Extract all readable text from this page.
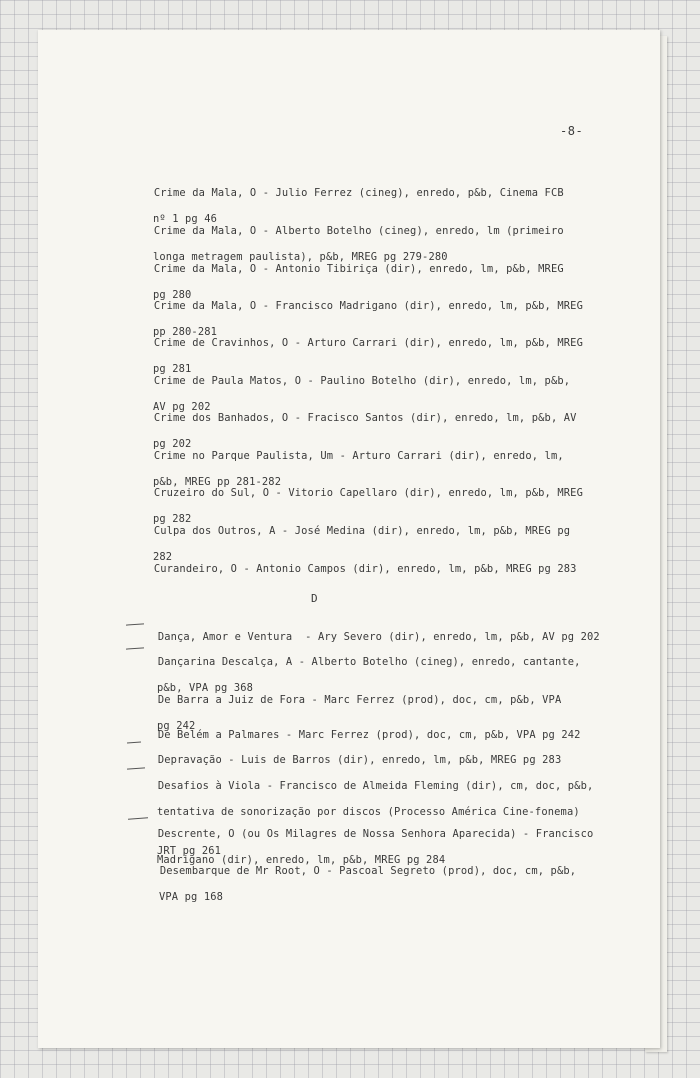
-8-

Crime da Mala, O - Julio Ferrez (cineg), enredo, p&b, Cinema FCB

nº 1 pg 46

Crime da Mala, O - Alberto Botelho (cineg), enredo, lm (primeiro

longa metragem paulista), p&b, MREG pg 279-280

Crime da Mala, O - Antonio Tibiriça (dir), enredo, lm, p&b, MREG

pg 280

Crime da Mala, O - Francisco Madrigano (dir), enredo, lm, p&b, MREG

pp 280-281

Crime de Cravinhos, O - Arturo Carrari (dir), enredo, lm, p&b, MREG

pg 281

Crime de Paula Matos, O - Paulino Botelho (dir), enredo, lm, p&b,

AV pg 202

Crime dos Banhados, O - Fracisco Santos (dir), enredo, lm, p&b, AV

pg 202

Crime no Parque Paulista, Um - Arturo Carrari (dir), enredo, lm,

p&b, MREG pp 281-282

Cruzeiro do Sul, O - Vitorio Capellaro (dir), enredo, lm, p&b, MREG

pg 282

Culpa dos Outros, A - José Medina (dir), enredo, lm, p&b, MREG pg

282

Curandeiro, O - Antonio Campos (dir), enredo, lm, p&b, MREG pg 283

D

Dança, Amor e Ventura  - Ary Severo (dir), enredo, lm, p&b, AV pg 202

Dançarina Descalça, A - Alberto Botelho (cineg), enredo, cantante,

p&b, VPA pg 368

De Barra a Juiz de Fora - Marc Ferrez (prod), doc, cm, p&b, VPA

pg 242

De Belém a Palmares - Marc Ferrez (prod), doc, cm, p&b, VPA pg 242

Depravação - Luis de Barros (dir), enredo, lm, p&b, MREG pg 283

Desafios à Viola - Francisco de Almeida Fleming (dir), cm, doc, p&b,

tentativa de sonorização por discos (Processo América Cine-fonema)

JRT pg 261

Descrente, O (ou Os Milagres de Nossa Senhora Aparecida) - Francisco

Madrigano (dir), enredo, lm, p&b, MREG pg 284

Desembarque de Mr Root, O - Pascoal Segreto (prod), doc, cm, p&b,

VPA pg 168
